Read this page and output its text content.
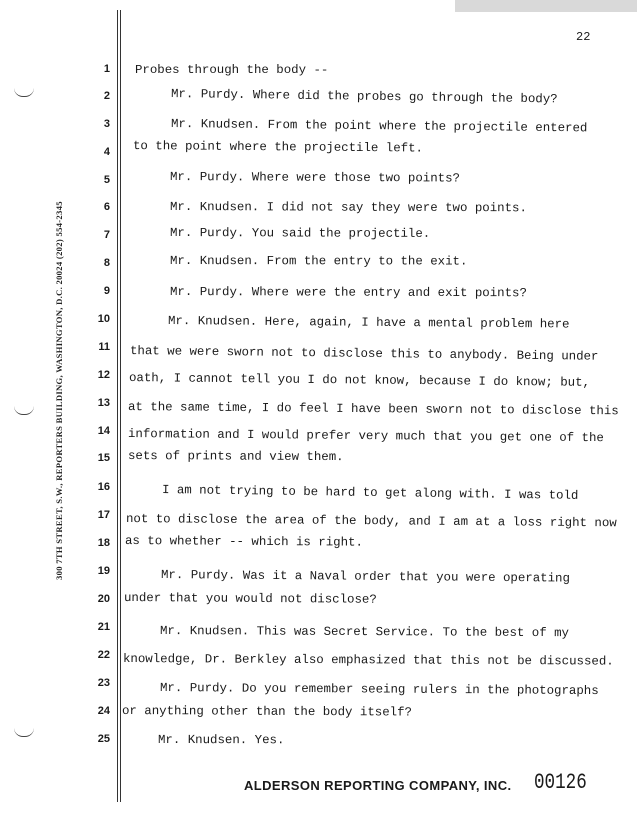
300 7TH STREET, S.W., REPORTERS BUILDING, WASHINGTON, D.C. 20024 (202) 554-2345
22
1 Probes through the body --
2	Mr. Purdy. Where did the probes go through the body?
3	Mr. Knudsen. From the point where the projectile entered
4 to the point where the projectile left.
5	Mr. Purdy. Where were those two points?
6	Mr. Knudsen. I did not say they were two points.
7	Mr. Purdy. You said the projectile.
8	Mr. Knudsen. From the entry to the exit.
9	Mr. Purdy. Where were the entry and exit points?
10	Mr. Knudsen. Here, again, I have a mental problem here
11 that we were sworn not to disclose this to anybody. Being under
12 oath, I cannot tell you I do not know, because I do know; but,
13 at the same time, I do feel I have been sworn not to disclose this
14 information and I would prefer very much that you get one of the
15 sets of prints and view them.
16	I am not trying to be hard to get along with. I was told
17 not to disclose the area of the body, and I am at a loss right now
18 as to whether -- which is right.
19	Mr. Purdy. Was it a Naval order that you were operating
20 under that you would not disclose?
21	Mr. Knudsen. This was Secret Service. To the best of my
22 knowledge, Dr. Berkley also emphasized that this not be discussed.
23	Mr. Purdy. Do you remember seeing rulers in the photographs
24 or anything other than the body itself?
25	Mr. Knudsen. Yes.
ALDERSON REPORTING COMPANY, INC. 00126
